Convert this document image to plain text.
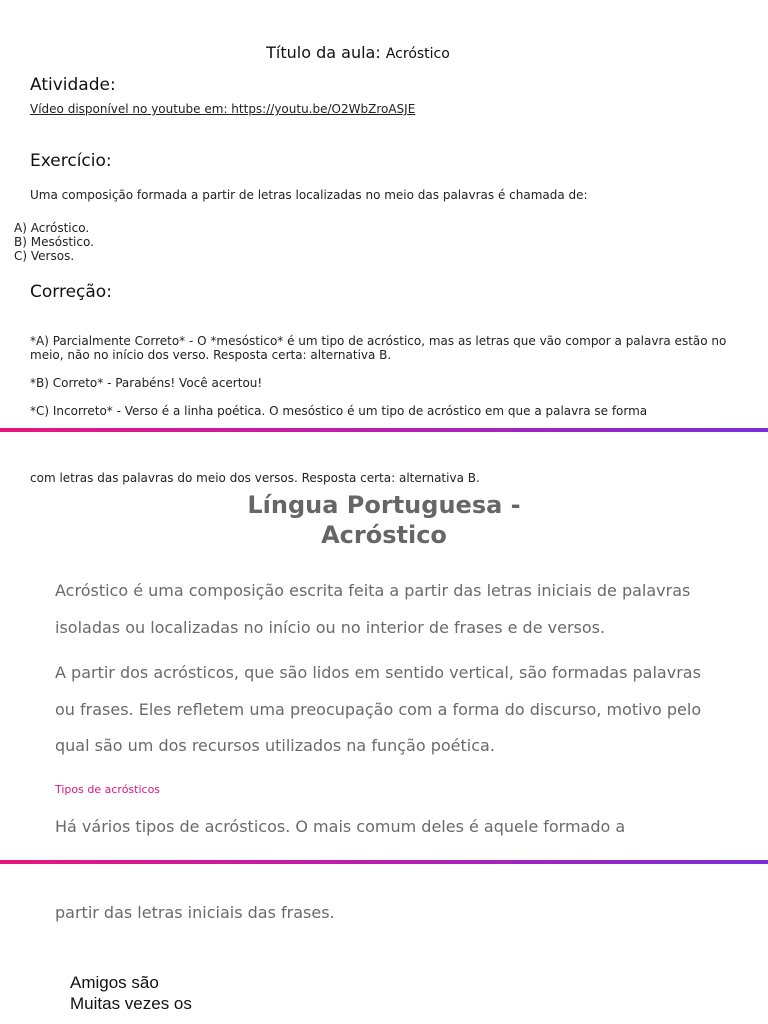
Título da aula: Acróstico
Atividade:
Vídeo disponível no youtube em: https://youtu.be/O2WbZroASJE
Exercício:
Uma composição formada a partir de letras localizadas no meio das palavras é chamada de:
A) Acróstico.
B) Mesóstico.
C) Versos.
Correção:
*A) Parcialmente Correto* - O *mesóstico* é um tipo de acróstico, mas as letras que vão compor a palavra estão no meio, não no início dos verso. Resposta certa: alternativa B.
*B) Correto* - Parabéns! Você acertou!
*C) Incorreto* - Verso é a linha poética. O mesóstico é um tipo de acróstico em que a palavra se forma
com letras das palavras do meio dos versos. Resposta certa: alternativa B.
Língua Portuguesa -
Acróstico
Acróstico é uma composição escrita feita a partir das letras iniciais de palavras isoladas ou localizadas no início ou no interior de frases e de versos.
A partir dos acrósticos, que são lidos em sentido vertical, são formadas palavras ou frases. Eles refletem uma preocupação com a forma do discurso, motivo pelo qual são um dos recursos utilizados na função poética.
Tipos de acrósticos
Há vários tipos de acrósticos. O mais comum deles é aquele formado a
partir das letras iniciais das frases.
Amigos são
Muitas vezes os
